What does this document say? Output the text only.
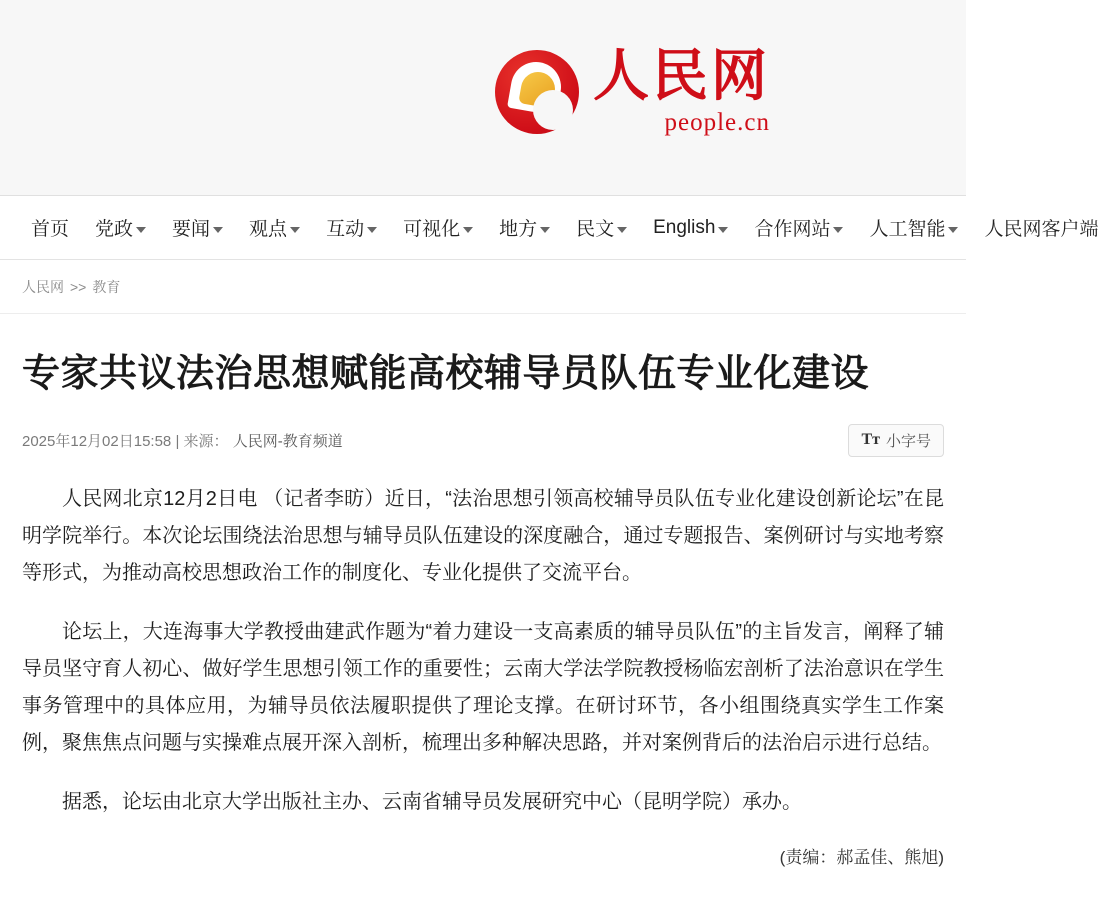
人民网
people.cn
首页 党政 要闻 观点 互动 可视化 地方 民文 English 合作网站 人工智能 人民网客户端
人民网 >> 教育
专家共议法治思想赋能高校辅导员队伍专业化建设
2025年12月02日15:58 | 来源： 人民网-教育频道	Tт 小字号

人民网北京12月2日电 （记者李昉）近日，“法治思想引领高校辅导员队伍专业化建设创新论坛”在昆明学院举行。本次论坛围绕法治思想与辅导员队伍建设的深度融合，通过专题报告、案例研讨与实地考察等形式，为推动高校思想政治工作的制度化、专业化提供了交流平台。

论坛上，大连海事大学教授曲建武作题为“着力建设一支高素质的辅导员队伍”的主旨发言，阐释了辅导员坚守育人初心、做好学生思想引领工作的重要性；云南大学法学院教授杨临宏剖析了法治意识在学生事务管理中的具体应用，为辅导员依法履职提供了理论支撑。在研讨环节，各小组围绕真实学生工作案例，聚焦焦点问题与实操难点展开深入剖析，梳理出多种解决思路，并对案例背后的法治启示进行总结。

据悉，论坛由北京大学出版社主办、云南省辅导员发展研究中心（昆明学院）承办。

(责编：郝孟佳、熊旭)
